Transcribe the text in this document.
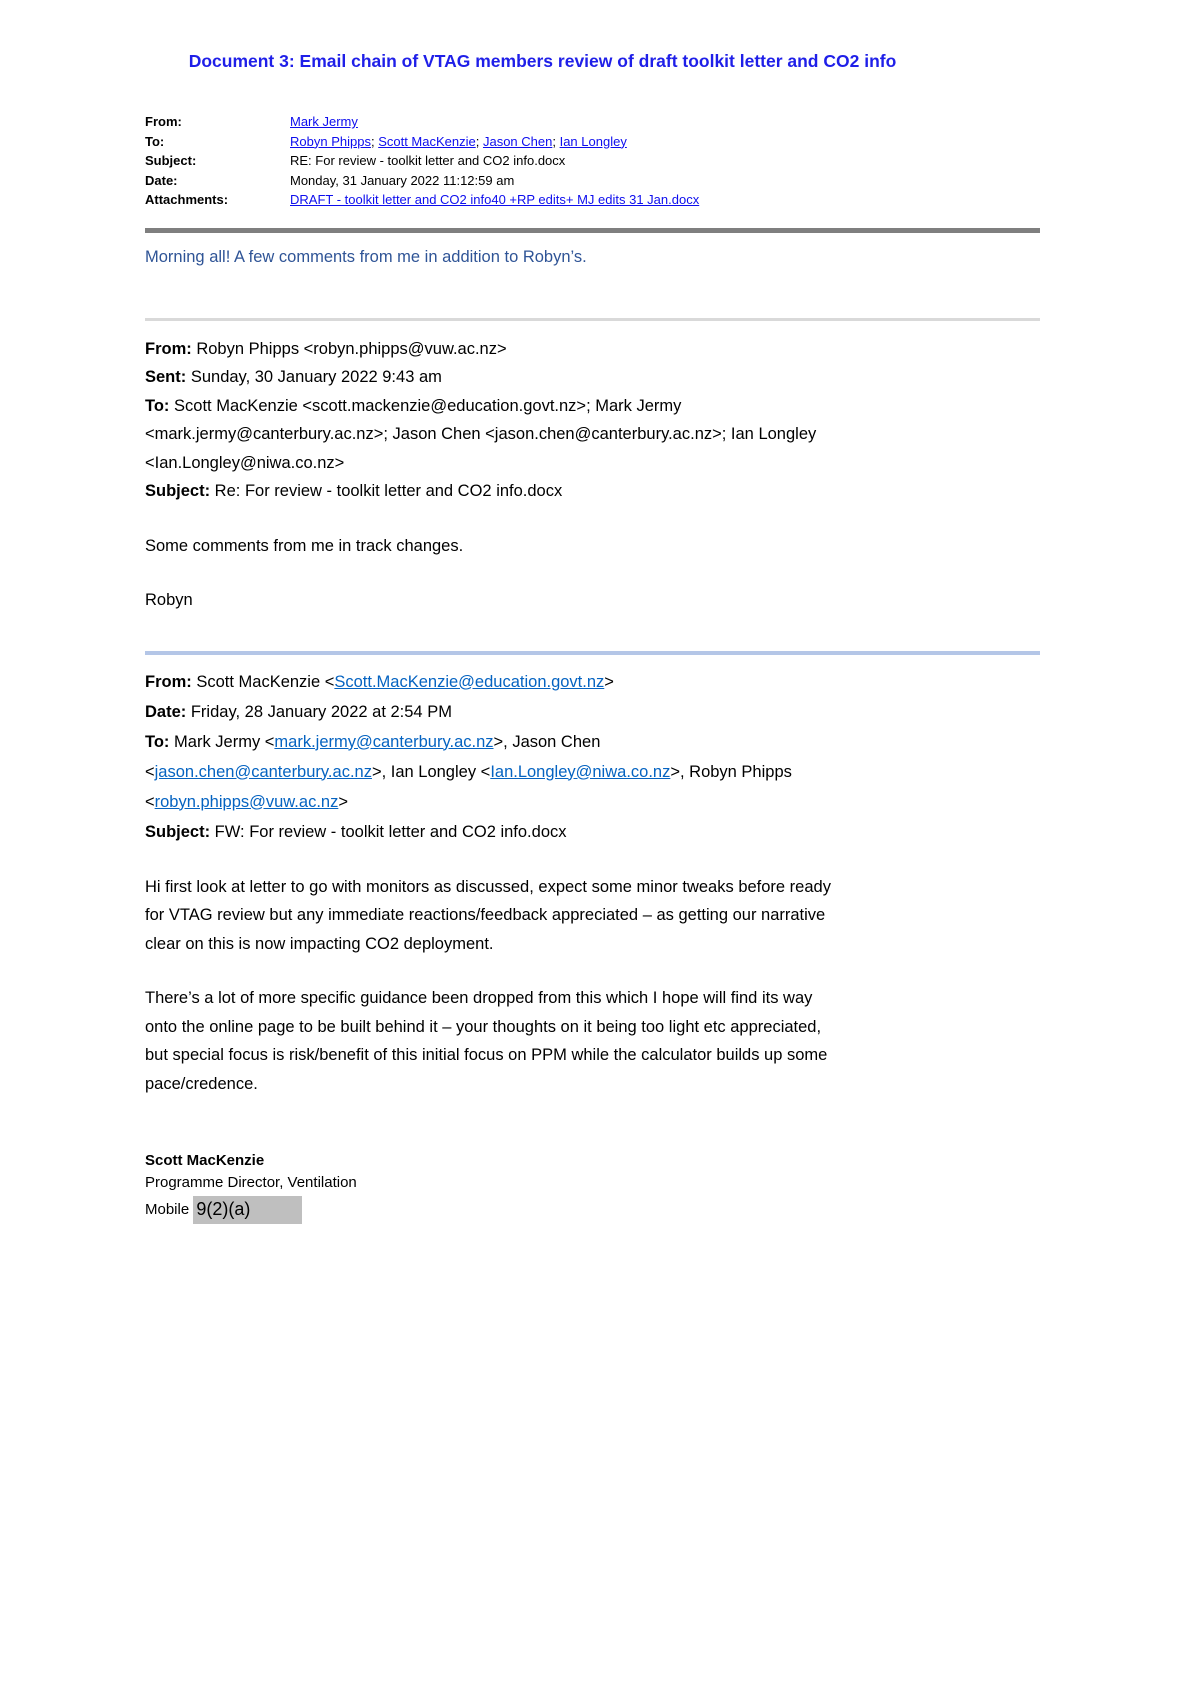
Document 3: Email chain of VTAG members review of draft toolkit letter and CO2 info
From:	Mark Jermy
To:	Robyn Phipps; Scott MacKenzie; Jason Chen; Ian Longley
Subject:	RE: For review - toolkit letter and CO2 info.docx
Date:	Monday, 31 January 2022 11:12:59 am
Attachments:	DRAFT - toolkit letter and CO2 info40 +RP edits+ MJ edits 31 Jan.docx

Morning all! A few comments from me in addition to Robyn’s.

From: Robyn Phipps <robyn.phipps@vuw.ac.nz>

Sent: Sunday, 30 January 2022 9:43 am

To: Scott MacKenzie <scott.mackenzie@education.govt.nz>; Mark Jermy
<mark.jermy@canterbury.ac.nz>; Jason Chen <jason.chen@canterbury.ac.nz>; Ian Longley
<Ian.Longley@niwa.co.nz>

Subject: Re: For review - toolkit letter and CO2 info.docx

Some comments from me in track changes.

Robyn

From: Scott MacKenzie <Scott.MacKenzie@education.govt.nz>

Date: Friday, 28 January 2022 at 2:54 PM

To: Mark Jermy <mark.jermy@canterbury.ac.nz>, Jason Chen
<jason.chen@canterbury.ac.nz>, Ian Longley <Ian.Longley@niwa.co.nz>, Robyn Phipps
<robyn.phipps@vuw.ac.nz>

Subject: FW: For review - toolkit letter and CO2 info.docx

Hi first look at letter to go with monitors as discussed, expect some minor tweaks before ready
for VTAG review but any immediate reactions/feedback appreciated – as getting our narrative
clear on this is now impacting CO2 deployment.

There’s a lot of more specific guidance been dropped from this which I hope will find its way
onto the online page to be built behind it – your thoughts on it being too light etc appreciated,
but special focus is risk/benefit of this initial focus on PPM while the calculator builds up some
pace/credence.

Scott MacKenzie
Programme Director, Ventilation
Mobile 9(2)(a)
